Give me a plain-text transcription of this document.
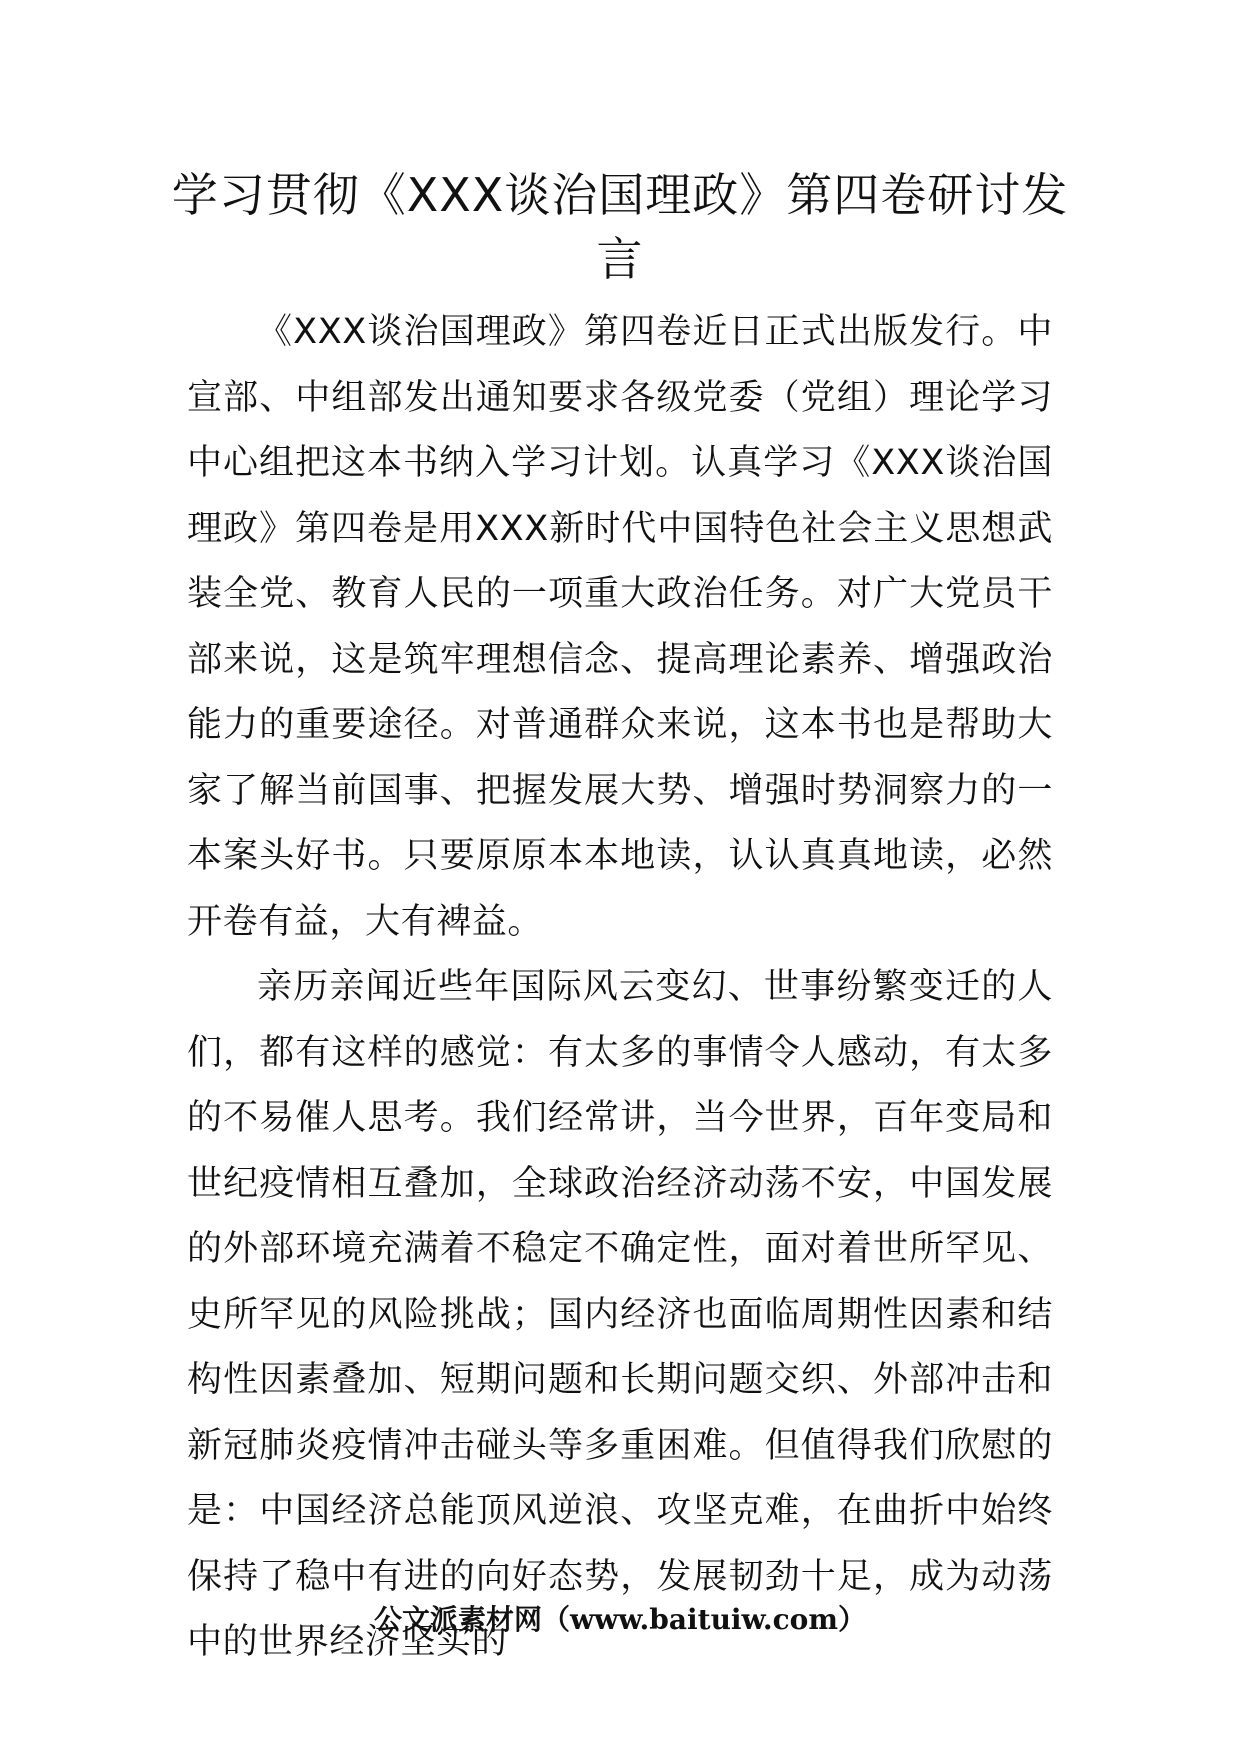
学习贯彻《XXX谈治国理政》第四卷研讨发言

《XXX谈治国理政》第四卷近日正式出版发行。中宣部、中组部发出通知要求各级党委（党组）理论学习中心组把这本书纳入学习计划。认真学习《XXX谈治国理政》第四卷是用XXX新时代中国特色社会主义思想武装全党、教育人民的一项重大政治任务。对广大党员干部来说，这是筑牢理想信念、提高理论素养、增强政治能力的重要途径。对普通群众来说，这本书也是帮助大家了解当前国事、把握发展大势、增强时势洞察力的一本案头好书。只要原原本本地读，认认真真地读，必然开卷有益，大有裨益。

亲历亲闻近些年国际风云变幻、世事纷繁变迁的人们，都有这样的感觉：有太多的事情令人感动，有太多的不易催人思考。我们经常讲，当今世界，百年变局和世纪疫情相互叠加，全球政治经济动荡不安，中国发展的外部环境充满着不稳定不确定性，面对着世所罕见、史所罕见的风险挑战；国内经济也面临周期性因素和结构性因素叠加、短期问题和长期问题交织、外部冲击和新冠肺炎疫情冲击碰头等多重困难。但值得我们欣慰的是：中国经济总能顶风逆浪、攻坚克难，在曲折中始终保持了稳中有进的向好态势，发展韧劲十足，成为动荡中的世界经济坚实的

公文派素材网（www.baituiw.com）
